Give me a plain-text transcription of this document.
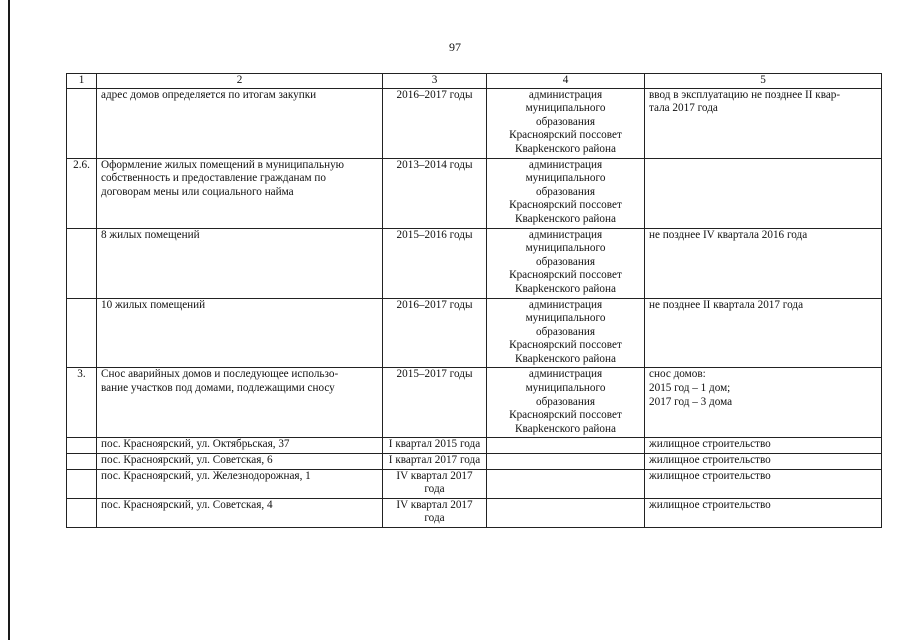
97
1	2	3	4	5
	адрес домов определяется по итогам закупки	2016–2017 годы	администрация
муниципального
образования
Красноярский поссовет
Кварkенского района	ввод в эксплуатацию не позднее II квар-
тала 2017 года
2.6.	Оформление жилых помещений в муниципальную
собственность и предоставление гражданам по
договорам мены или социального найма	2013–2014 годы	администрация
муниципального
образования
Красноярский поссовет
Кварkенского района	
	8 жилых помещений	2015–2016 годы	администрация
муниципального
образования
Красноярский поссовет
Кварkенского района	не позднее IV квартала 2016 года
	10 жилых помещений	2016–2017 годы	администрация
муниципального
образования
Красноярский поссовет
Кварkенского района	не позднее II квартала 2017 года
3.	Снос аварийных домов и последующее использо-
вание участков под домами, подлежащими сносу	2015–2017 годы	администрация
муниципального
образования
Красноярский поссовет
Кварkенского района	снос домов:
2015 год – 1 дом;
2017 год – 3 дома
	пос. Красноярский, ул. Октябрьская, 37	I квартал 2015 года		жилищное строительство
	пос. Красноярский, ул. Советская, 6	I квартал 2017 года		жилищное строительство
	пос. Красноярский, ул. Железнодорожная, 1	IV квартал 2017 года		жилищное строительство
	пос. Красноярский, ул. Советская, 4	IV квартал 2017 года		жилищное строительство
